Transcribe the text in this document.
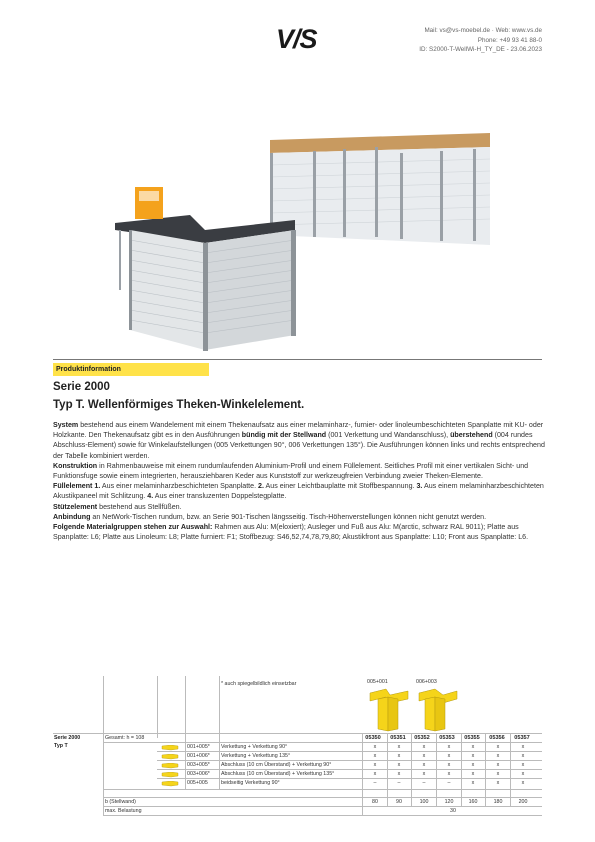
V/S	Mail: vs@vs-moebel.de · Web: www.vs.de
Phone: +49 93 41 88-0
ID: S2000-T-WellWi-H_TY_DE - 23.06.2023
Produktinformation
Serie 2000
Typ T. Wellenförmiges Theken-Winkelelement.

System bestehend aus einem Wandelement mit einem Thekenaufsatz aus einer melaminharz-, furnier- oder linoleumbeschichteten Spanplatte mit KU- oder Holzkante. Den Thekenaufsatz gibt es in den Ausführungen bündig mit der Stellwand (001 Verkettung und Wandanschluss), überstehend (004 rundes Abschluss-Element) sowie für Winkelaufstellungen (005 Verkettungen 90°, 006 Verkettungen 135°). Die Ausführungen können links und rechts entsprechend der Tabelle kombiniert werden.

Konstruktion in Rahmenbauweise mit einem rundumlaufenden Aluminium-Profil und einem Füllelement. Seitliches Profil mit einer vertikalen Sicht- und Funktionsfuge sowie einem integrierten, herausziehbaren Keder aus Kunststoff zur werkzeugfreien Verbindung zweier Theken-Elemente.

Füllelement 1. Aus einer melaminharzbeschichteten Spanplatte. 2. Aus einer Leichtbauplatte mit Stoffbespannung. 3. Aus einem melaminharzbeschichteten Akustikpaneel mit Schlitzung. 4. Aus einer transluzenten Doppelstegplatte.

Stützelement bestehend aus Stellfüßen.

Anbindung an NetWork-Tischen rundum, bzw. an Serie 901-Tischen längsseitig. Tisch-Höhenverstellungen können nicht genutzt werden.

Folgende Materialgruppen stehen zur Auswahl: Rahmen aus Alu: M(eloxiert); Ausleger und Fuß aus Alu: M(arctic, schwarz RAL 9011); Platte aus Spanplatte: L6; Platte aus Linoleum: L8; Platte furniert: F1; Stoffbezug: S46,52,74,78,79,80; Akustikfront aus Spanplatte: L10; Front aus Spanplatte: L6.

* auch spiegelbildlich einsetzbar	005+001	006+003
Serie 2000
Typ T
Gesamt: h = 108	05350	05351	05352	05353	05355	05356	05357
001+005* Verkettung + Verkettung 90°	x	x	x	x	x	x	x
001+006* Verkettung + Verkettung 135°	x	x	x	x	x	x	x
003+005* Abschluss (10 cm Überstand) + Verkettung 90°	x	x	x	x	x	x	x
003+006* Abschluss (10 cm Überstand) + Verkettung 135°	x	x	x	x	x	x	x
005+005 beidseitig Verkettung 90°	–	–	–	–	x	x	x
b (Stellwand)	80	90	100	120	160	180	200
max. Belastung	30
